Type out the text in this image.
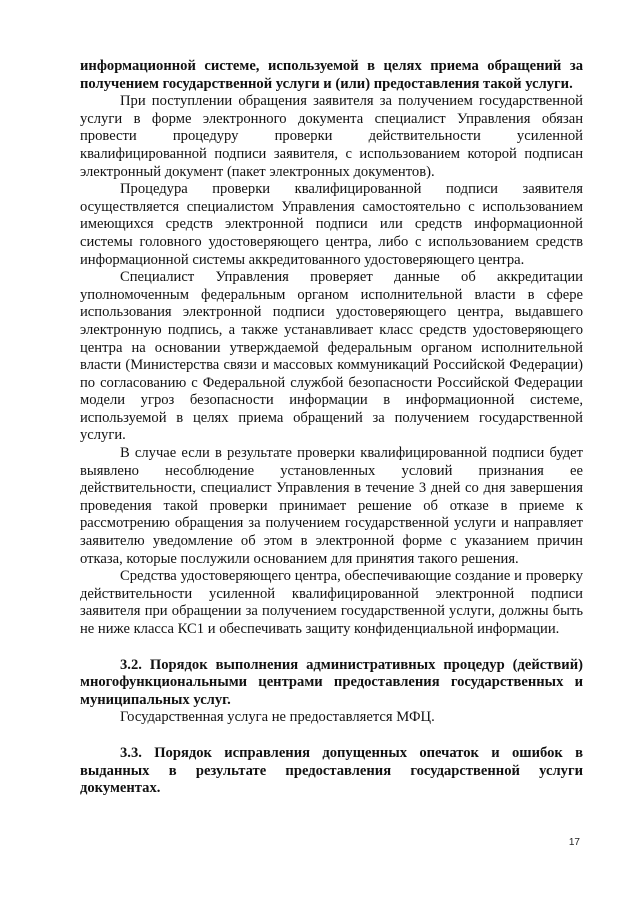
информационной системе, используемой в целях приема обращений за получением государственной услуги и (или) предоставления такой услуги.

При поступлении обращения заявителя за получением государственной услуги в форме электронного документа специалист Управления обязан провести процедуру проверки действительности усиленной квалифицированной подписи заявителя, с использованием которой подписан электронный документ (пакет электронных документов).

Процедура проверки квалифицированной подписи заявителя осуществляется специалистом Управления самостоятельно с использованием имеющихся средств электронной подписи или средств информационной системы головного удостоверяющего центра, либо с использованием средств информационной системы аккредитованного удостоверяющего центра.

Специалист Управления проверяет данные об аккредитации уполномоченным федеральным органом исполнительной власти в сфере использования электронной подписи удостоверяющего центра, выдавшего электронную подпись, а также устанавливает класс средств удостоверяющего центра на основании утверждаемой федеральным органом исполнительной власти (Министерства связи и массовых коммуникаций Российской Федерации) по согласованию с Федеральной службой безопасности Российской Федерации модели угроз безопасности информации в информационной системе, используемой в целях приема обращений за получением государственной услуги.

В случае если в результате проверки квалифицированной подписи будет выявлено несоблюдение установленных условий признания ее действительности, специалист Управления в течение 3 дней со дня завершения проведения такой проверки принимает решение об отказе в приеме к рассмотрению обращения за получением государственной услуги и направляет заявителю уведомление об этом в электронной форме с указанием причин отказа, которые послужили основанием для принятия такого решения.

Средства удостоверяющего центра, обеспечивающие создание и проверку действительности усиленной квалифицированной электронной подписи заявителя при обращении за получением государственной услуги, должны быть не ниже класса КС1 и обеспечивать защиту конфиденциальной информации.

3.2. Порядок выполнения административных процедур (действий) многофункциональными центрами предоставления государственных и муниципальных услуг.

Государственная услуга не предоставляется МФЦ.

3.3. Порядок исправления допущенных опечаток и ошибок в выданных в результате предоставления государственной услуги документах.

17
